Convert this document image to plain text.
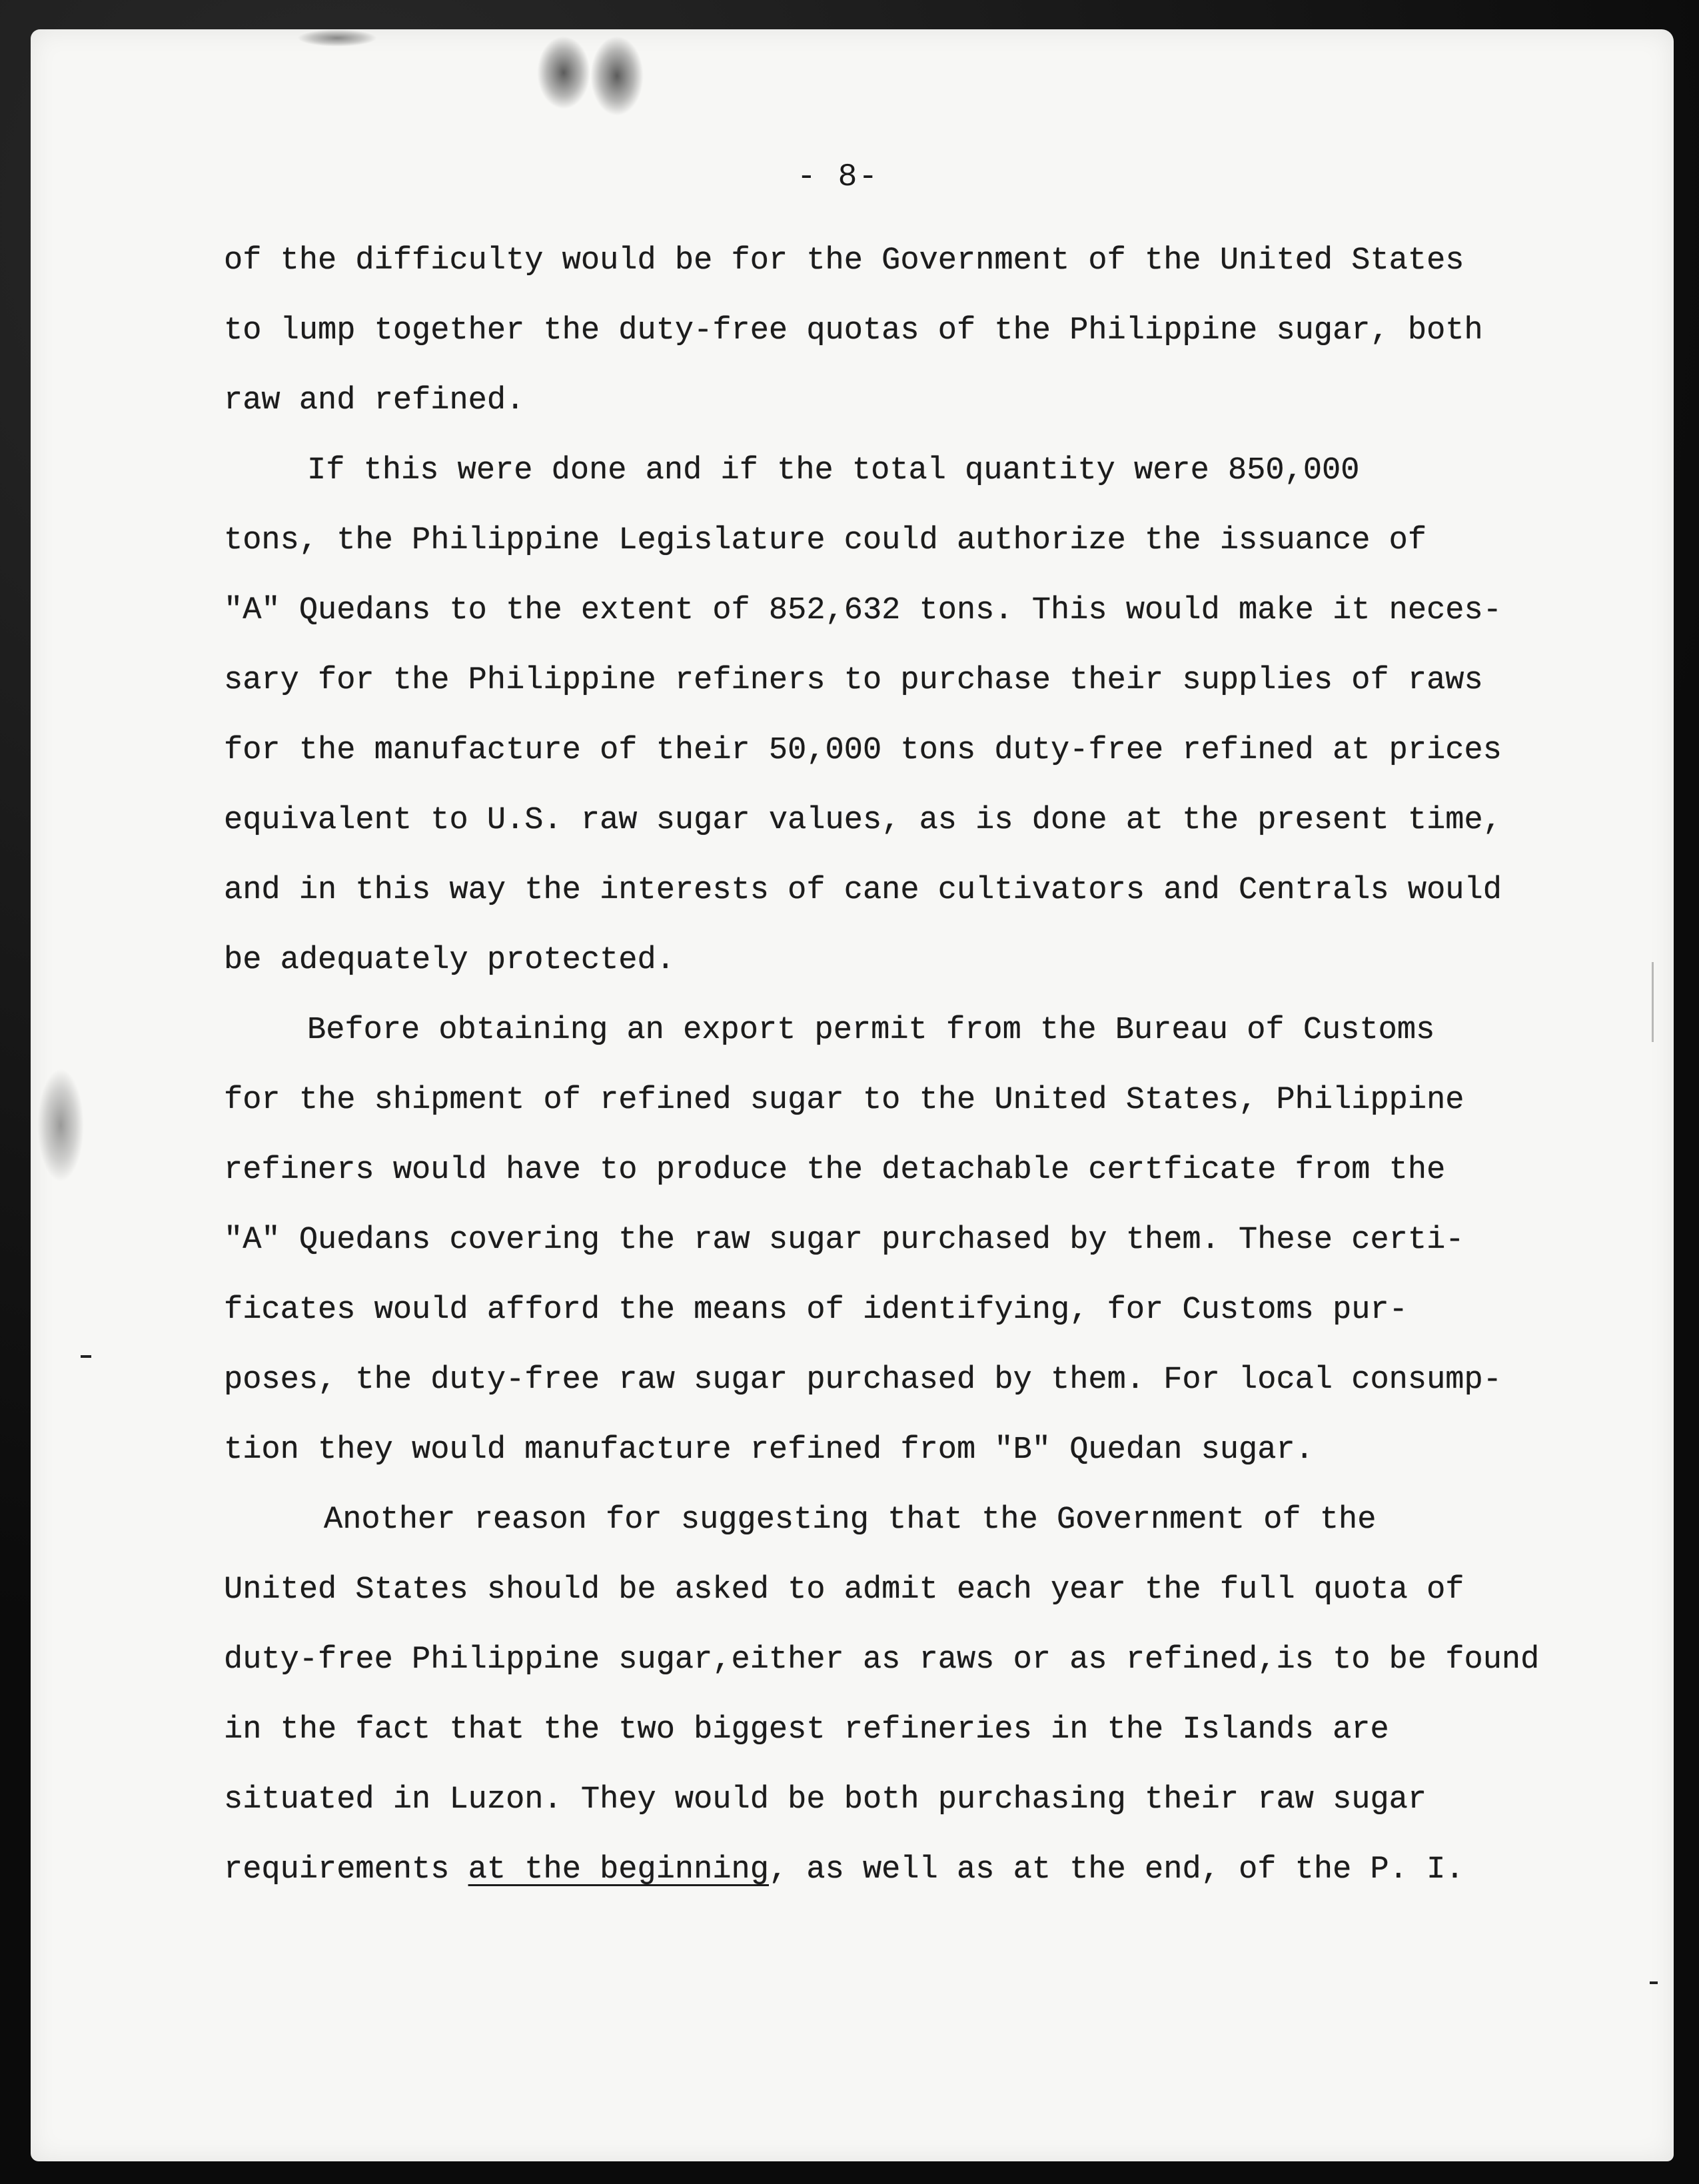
- 8-
of the difficulty would be for the Government of the United States
to lump together the duty-free quotas of the Philippine sugar, both
raw and refined.
If this were done and if the total quantity were 850,000
tons, the Philippine Legislature could authorize the issuance of
"A" Quedans to the extent of 852,632 tons. This would make it neces-
sary for the Philippine refiners to purchase their supplies of raws
for the manufacture of their 50,000 tons duty-free refined at prices
equivalent to U.S. raw sugar values, as is done at the present time,
and in this way the interests of cane cultivators and Centrals would
be adequately protected.
Before obtaining an export permit from the Bureau of Customs
for the shipment of refined sugar to the United States, Philippine
refiners would have to produce the detachable certficate from the
"A" Quedans covering the raw sugar purchased by them. These certi-
ficates would afford the means of identifying, for Customs pur-
poses, the duty-free raw sugar purchased by them. For local consump-
tion they would manufacture refined from "B" Quedan sugar.
Another reason for suggesting that the Government of the
United States should be asked to admit each year the full quota of
duty-free Philippine sugar,either as raws or as refined,is to be found
in the fact that the two biggest refineries in the Islands are
situated in Luzon. They would be both purchasing their raw sugar
requirements at the beginning, as well as at the end, of the P. I.
